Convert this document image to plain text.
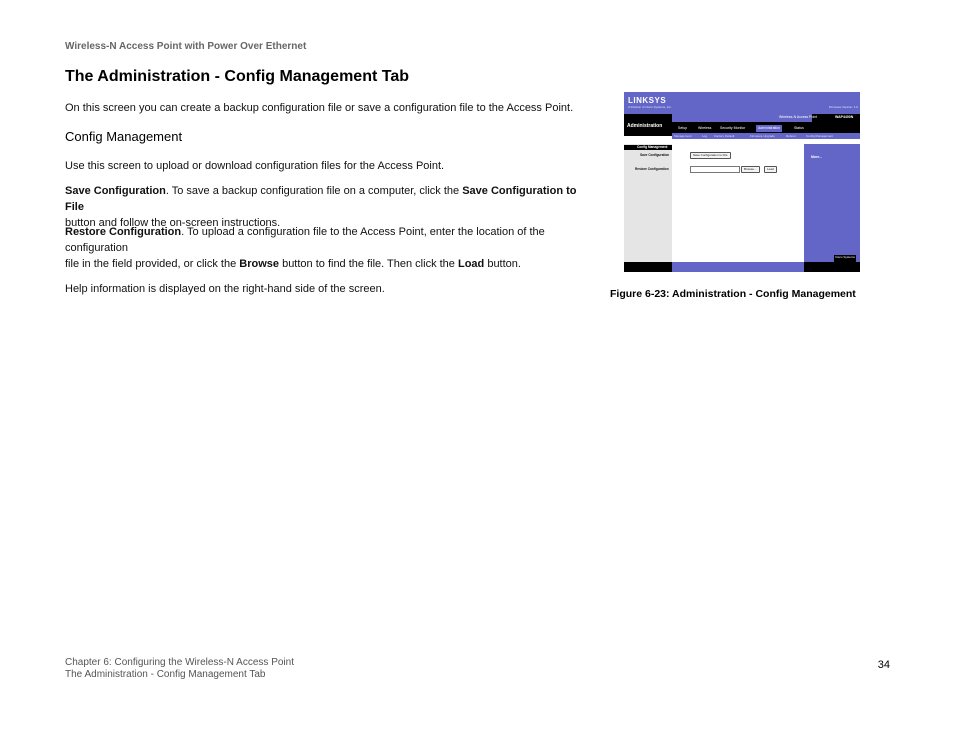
Wireless-N Access Point with Power Over Ethernet
The Administration - Config Management Tab
On this screen you can create a backup configuration file or save a configuration file to the Access Point.
Config Management
Use this screen to upload or download configuration files for the Access Point.
Save Configuration. To save a backup configuration file on a computer, click the Save Configuration to File
button and follow the on-screen instructions.
Restore Configuration. To upload a configuration file to the Access Point, enter the location of the configuration
file in the field provided, or click the Browse button to find the file. Then click the Load button.
Help information is displayed on the right-hand side of the screen.
LINKSYS
A Division of Cisco Systems, Inc.	Firmware Version: 1.0
Wireless-N Access Point	WAP4400N
Administration	Setup	Wireless	Security Monitor	Administration	Status
Management	Log Factory Default	Firmware Upgrade	Reboot	Config Management
Config Management
Save Configuration
Restore Configuration
Save Configuration to File
Browse...	Load
More...
Cisco Systems
Figure 6-23: Administration - Config Management
Chapter 6: Configuring the Wireless-N Access Point
The Administration - Config Management Tab
34
